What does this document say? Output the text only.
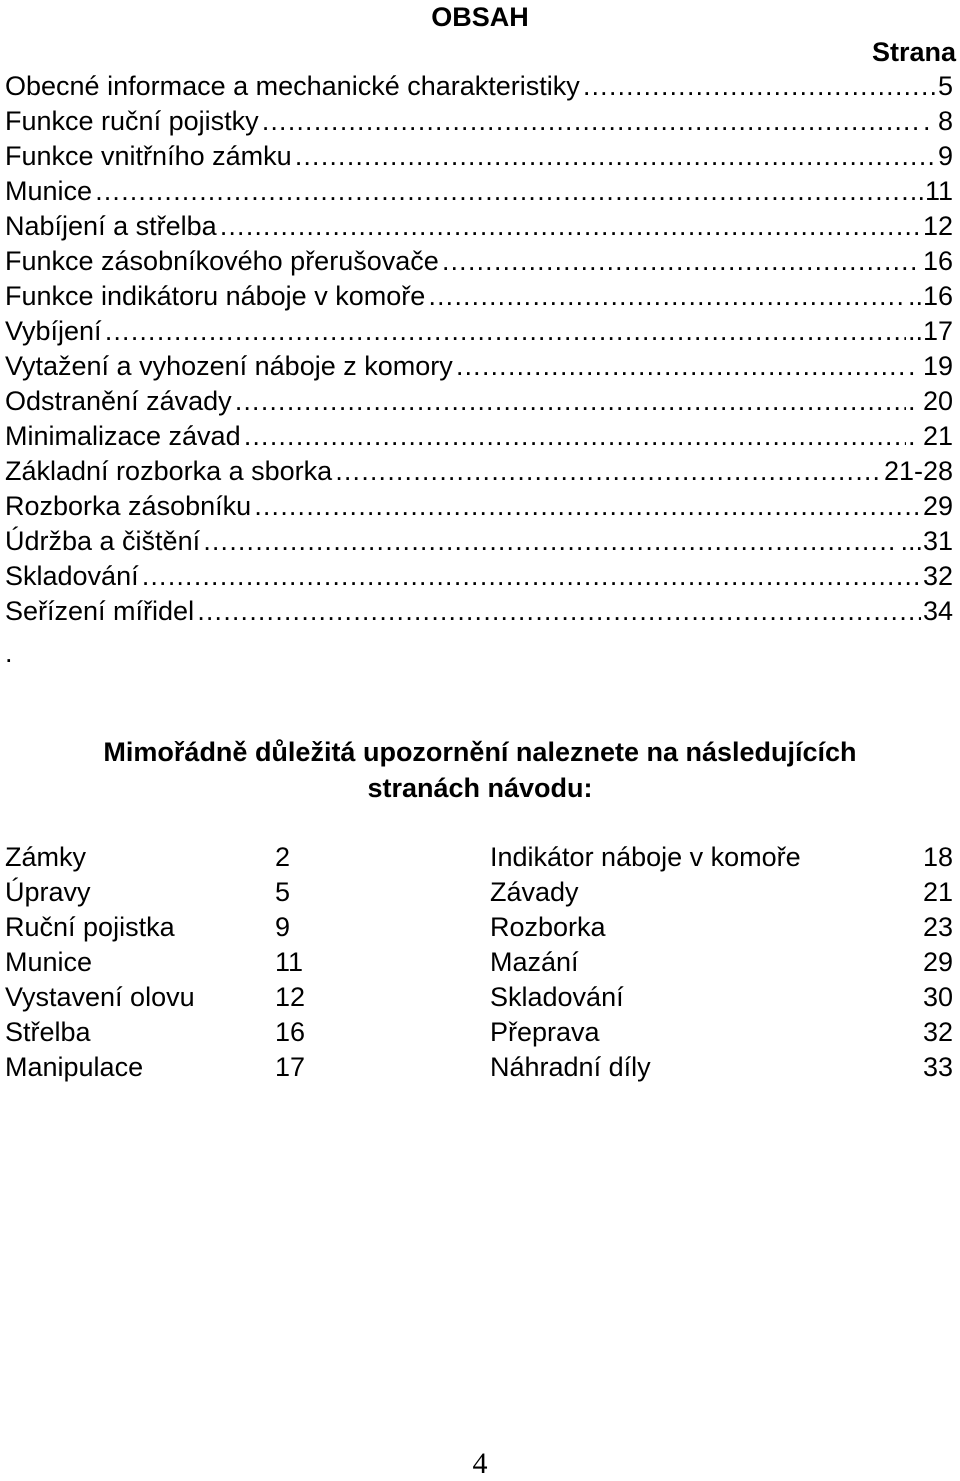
OBSAH
Strana
Obecné informace a mechanické charakteristiky ……………………………………………………………………………………………………………………………………………………………………	5
Funkce ruční pojistky ……………………………………………………………………………………………………………………………………………………………………	. 8
Funkce vnitřního zámku ……………………………………………………………………………………………………………………………………………………………………	9
Munice ……………………………………………………………………………………………………………………………………………………………………	.11
Nabíjení a střelba ……………………………………………………………………………………………………………………………………………………………………	12
Funkce zásobníkového přerušovače ……………………………………………………………………………………………………………………………………………………………………	16
Funkce indikátoru náboje v komoře ……………………………………………………………………………………………………………………………………………………………………	..16
Vybíjení ……………………………………………………………………………………………………………………………………………………………………	..17
Vytažení a vyhození náboje z komory ……………………………………………………………………………………………………………………………………………………………………	. 19
Odstranění závady ……………………………………………………………………………………………………………………………………………………………………	. 20
Minimalizace závad ……………………………………………………………………………………………………………………………………………………………………	. 21
Základní rozborka a sborka ……………………………………………………………………………………………………………………………………………………………………	21-28
Rozborka zásobníku ……………………………………………………………………………………………………………………………………………………………………	29
Údržba a čištění ……………………………………………………………………………………………………………………………………………………………………	...31
Skladování ……………………………………………………………………………………………………………………………………………………………………	32
Seřízení mířidel ……………………………………………………………………………………………………………………………………………………………………	34
.
Mimořádně důležitá upozornění naleznete na následujících
stranách návodu:
Zámky	2	Indikátor náboje v komoře	18
Úpravy	5	Závady	21
Ruční pojistka	9	Rozborka	23
Munice	11	Mazání	29
Vystavení olovu	12	Skladování	30
Střelba	16	Přeprava	32
Manipulace	17	Náhradní díly	33
4
